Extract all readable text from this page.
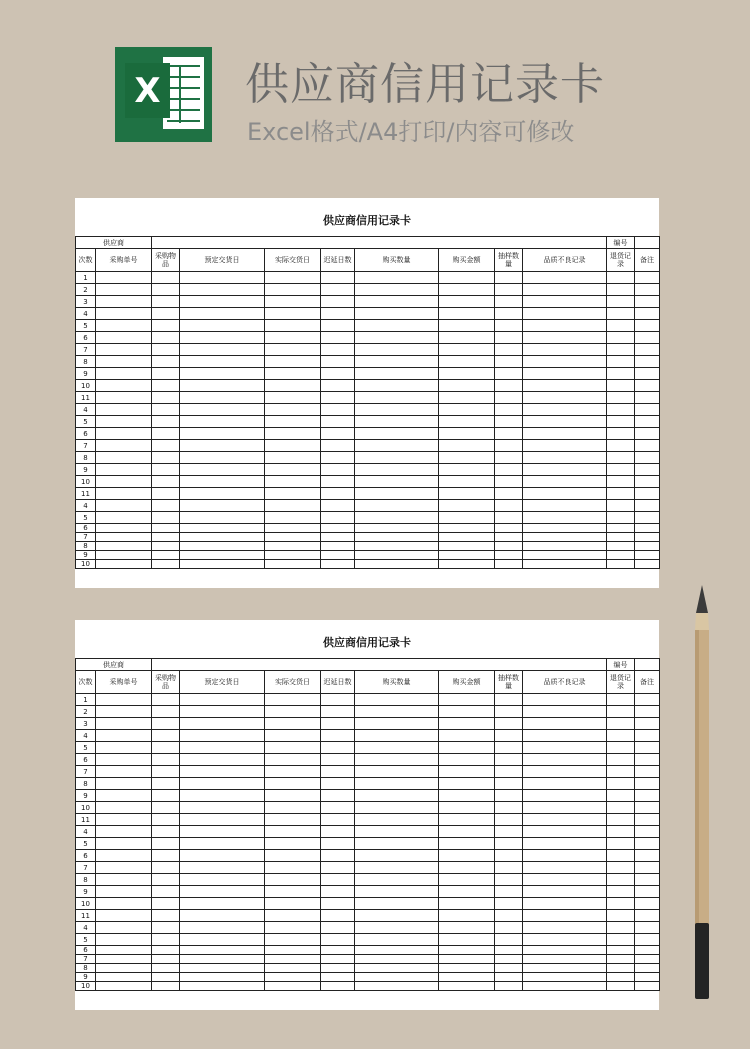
X 供应商信用记录卡
Excel格式/A4打印/内容可修改
供应商信用记录卡
供应商										编号	
次数	采购单号	采购物品	预定交货日	实际交货日	迟延日数	购买数量	购买金额	抽样数量	品质不良记录	退货记录	备注
1											
2											
3											
4											
5											
6											
7											
8											
9											
10											
11											
4											
5											
6											
7											
8											
9											
10											
11											
4											
5											
6											
7											
8											
9											
10											
供应商信用记录卡
供应商										编号	
次数	采购单号	采购物品	预定交货日	实际交货日	迟延日数	购买数量	购买金额	抽样数量	品质不良记录	退货记录	备注
1											
2											
3											
4											
5											
6											
7											
8											
9											
10											
11											
4											
5											
6											
7											
8											
9											
10											
11											
4											
5											
6											
7											
8											
9											
10											
